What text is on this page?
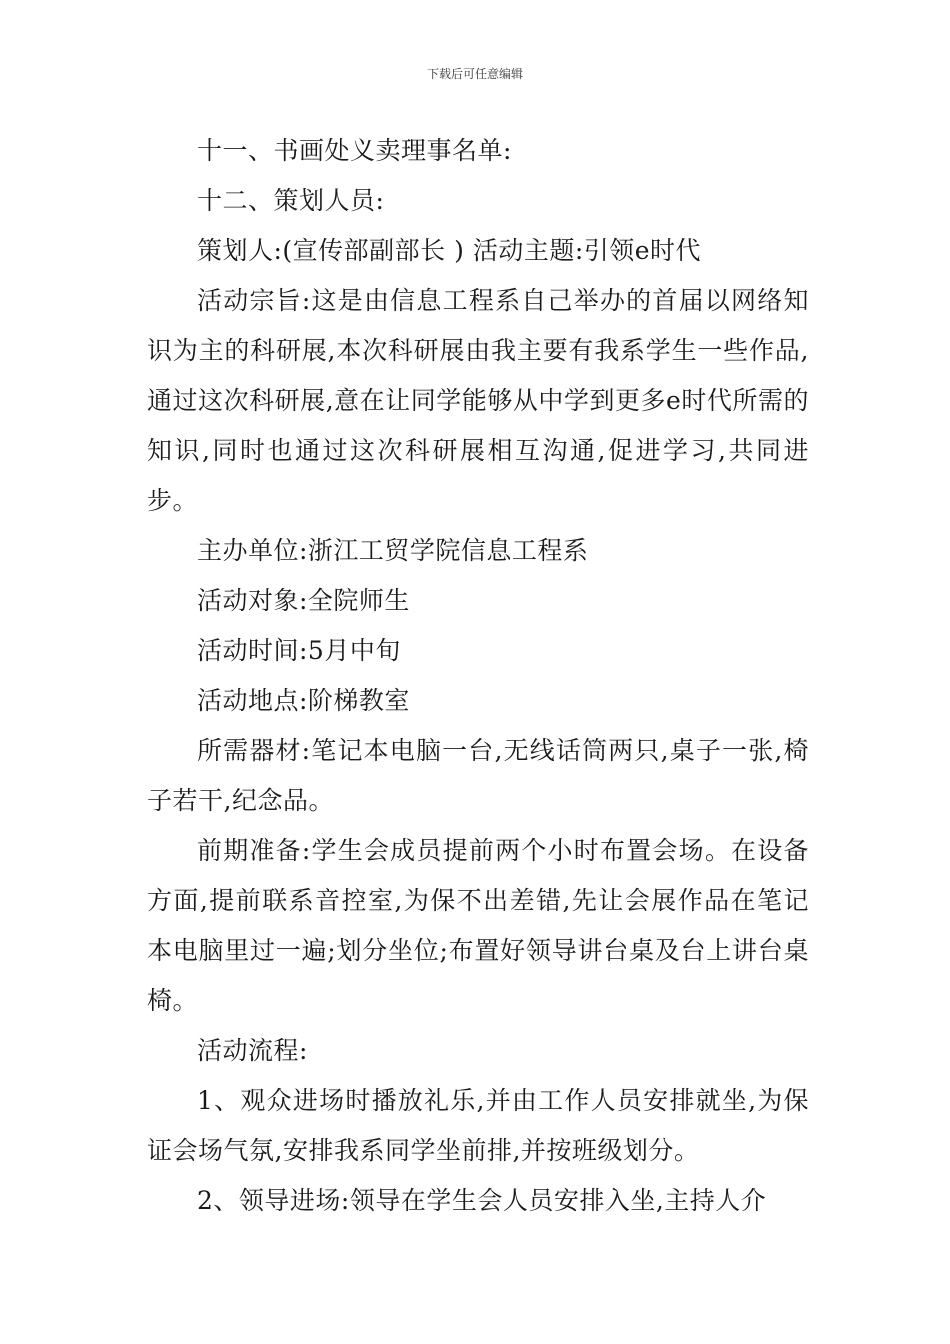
下载后可任意编辑

十一、书画处义卖理事名单:

十二、策划人员:

策划人:(宣传部副部长 ) 活动主题:引领e时代

活动宗旨:这是由信息工程系自己举办的首届以网络知识为主的科研展,本次科研展由我主要有我系学生一些作品,通过这次科研展,意在让同学能够从中学到更多e时代所需的知识,同时也通过这次科研展相互沟通,促进学习,共同进步。

主办单位:浙江工贸学院信息工程系

活动对象:全院师生

活动时间:5月中旬

活动地点:阶梯教室

所需器材:笔记本电脑一台,无线话筒两只,桌子一张,椅子若干,纪念品。

前期准备:学生会成员提前两个小时布置会场。在设备方面,提前联系音控室,为保不出差错,先让会展作品在笔记本电脑里过一遍;划分坐位;布置好领导讲台桌及台上讲台桌椅。

活动流程:

1、观众进场时播放礼乐,并由工作人员安排就坐,为保证会场气氛,安排我系同学坐前排,并按班级划分。

2、领导进场:领导在学生会人员安排入坐,主持人介
